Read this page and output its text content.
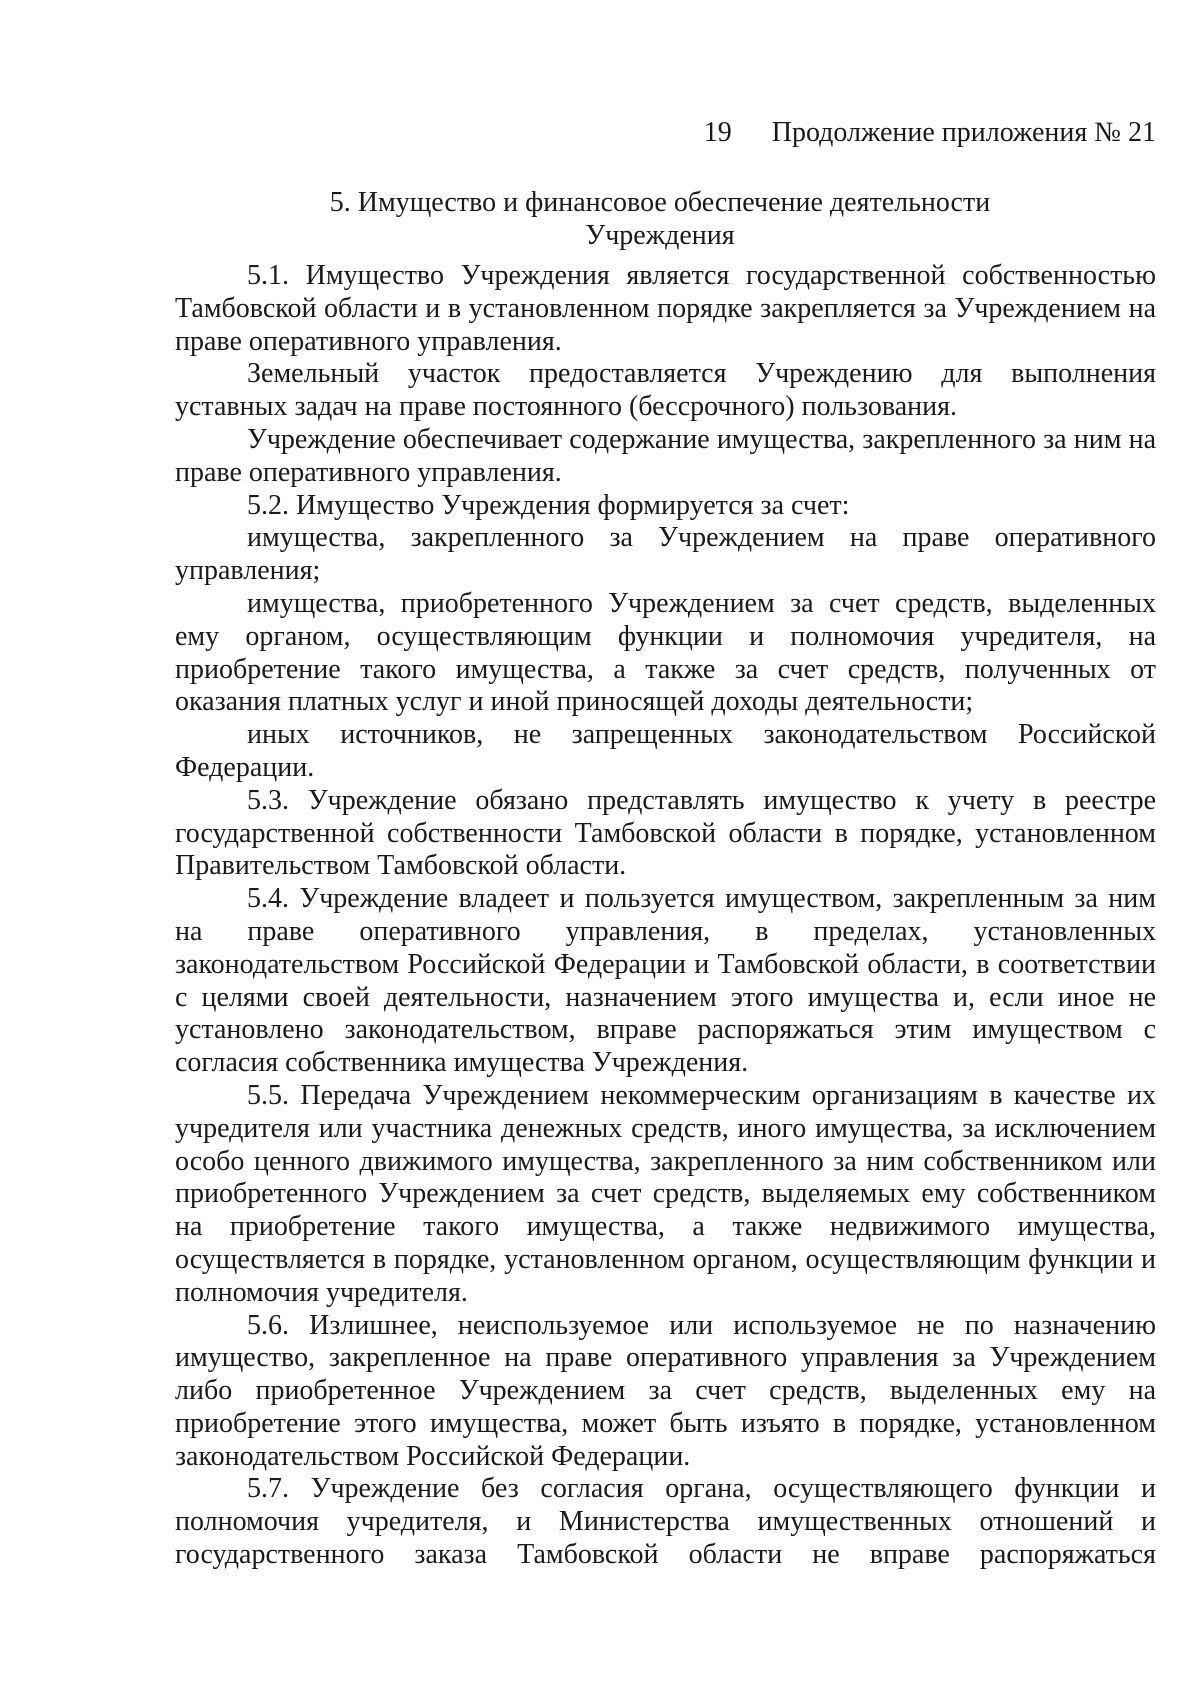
19 Продолжение приложения № 21
5. Имущество и финансовое обеспечение деятельности
Учреждения

5.1. Имущество Учреждения является государственной собственностью Тамбовской области и в установленном порядке закрепляется за Учреждением на праве оперативного управления.

Земельный участок предоставляется Учреждению для выполнения уставных задач на праве постоянного (бессрочного) пользования.

Учреждение обеспечивает содержание имущества, закрепленного за ним на праве оперативного управления.

5.2. Имущество Учреждения формируется за счет:

имущества, закрепленного за Учреждением на праве оперативного управления;

имущества, приобретенного Учреждением за счет средств, выделенных ему органом, осуществляющим функции и полномочия учредителя, на приобретение такого имущества, а также за счет средств, полученных от оказания платных услуг и иной приносящей доходы деятельности;

иных источников, не запрещенных законодательством Российской Федерации.

5.3. Учреждение обязано представлять имущество к учету в реестре государственной собственности Тамбовской области в порядке, установленном Правительством Тамбовской области.

5.4. Учреждение владеет и пользуется имуществом, закрепленным за ним на праве оперативного управления, в пределах, установленных законодательством Российской Федерации и Тамбовской области, в соответствии с целями своей деятельности, назначением этого имущества и, если иное не установлено законодательством, вправе распоряжаться этим имуществом с согласия собственника имущества Учреждения.

5.5. Передача Учреждением некоммерческим организациям в качестве их учредителя или участника денежных средств, иного имущества, за исключением особо ценного движимого имущества, закрепленного за ним собственником или приобретенного Учреждением за счет средств, выделяемых ему собственником на приобретение такого имущества, а также недвижимого имущества, осуществляется в порядке, установленном органом, осуществляющим функции и полномочия учредителя.

5.6. Излишнее, неиспользуемое или используемое не по назначению имущество, закрепленное на праве оперативного управления за Учреждением либо приобретенное Учреждением за счет средств, выделенных ему на приобретение этого имущества, может быть изъято в порядке, установленном законодательством Российской Федерации.

5.7. Учреждение без согласия органа, осуществляющего функции и полномочия учредителя, и Министерства имущественных отношений и государственного заказа Тамбовской области не вправе распоряжаться
